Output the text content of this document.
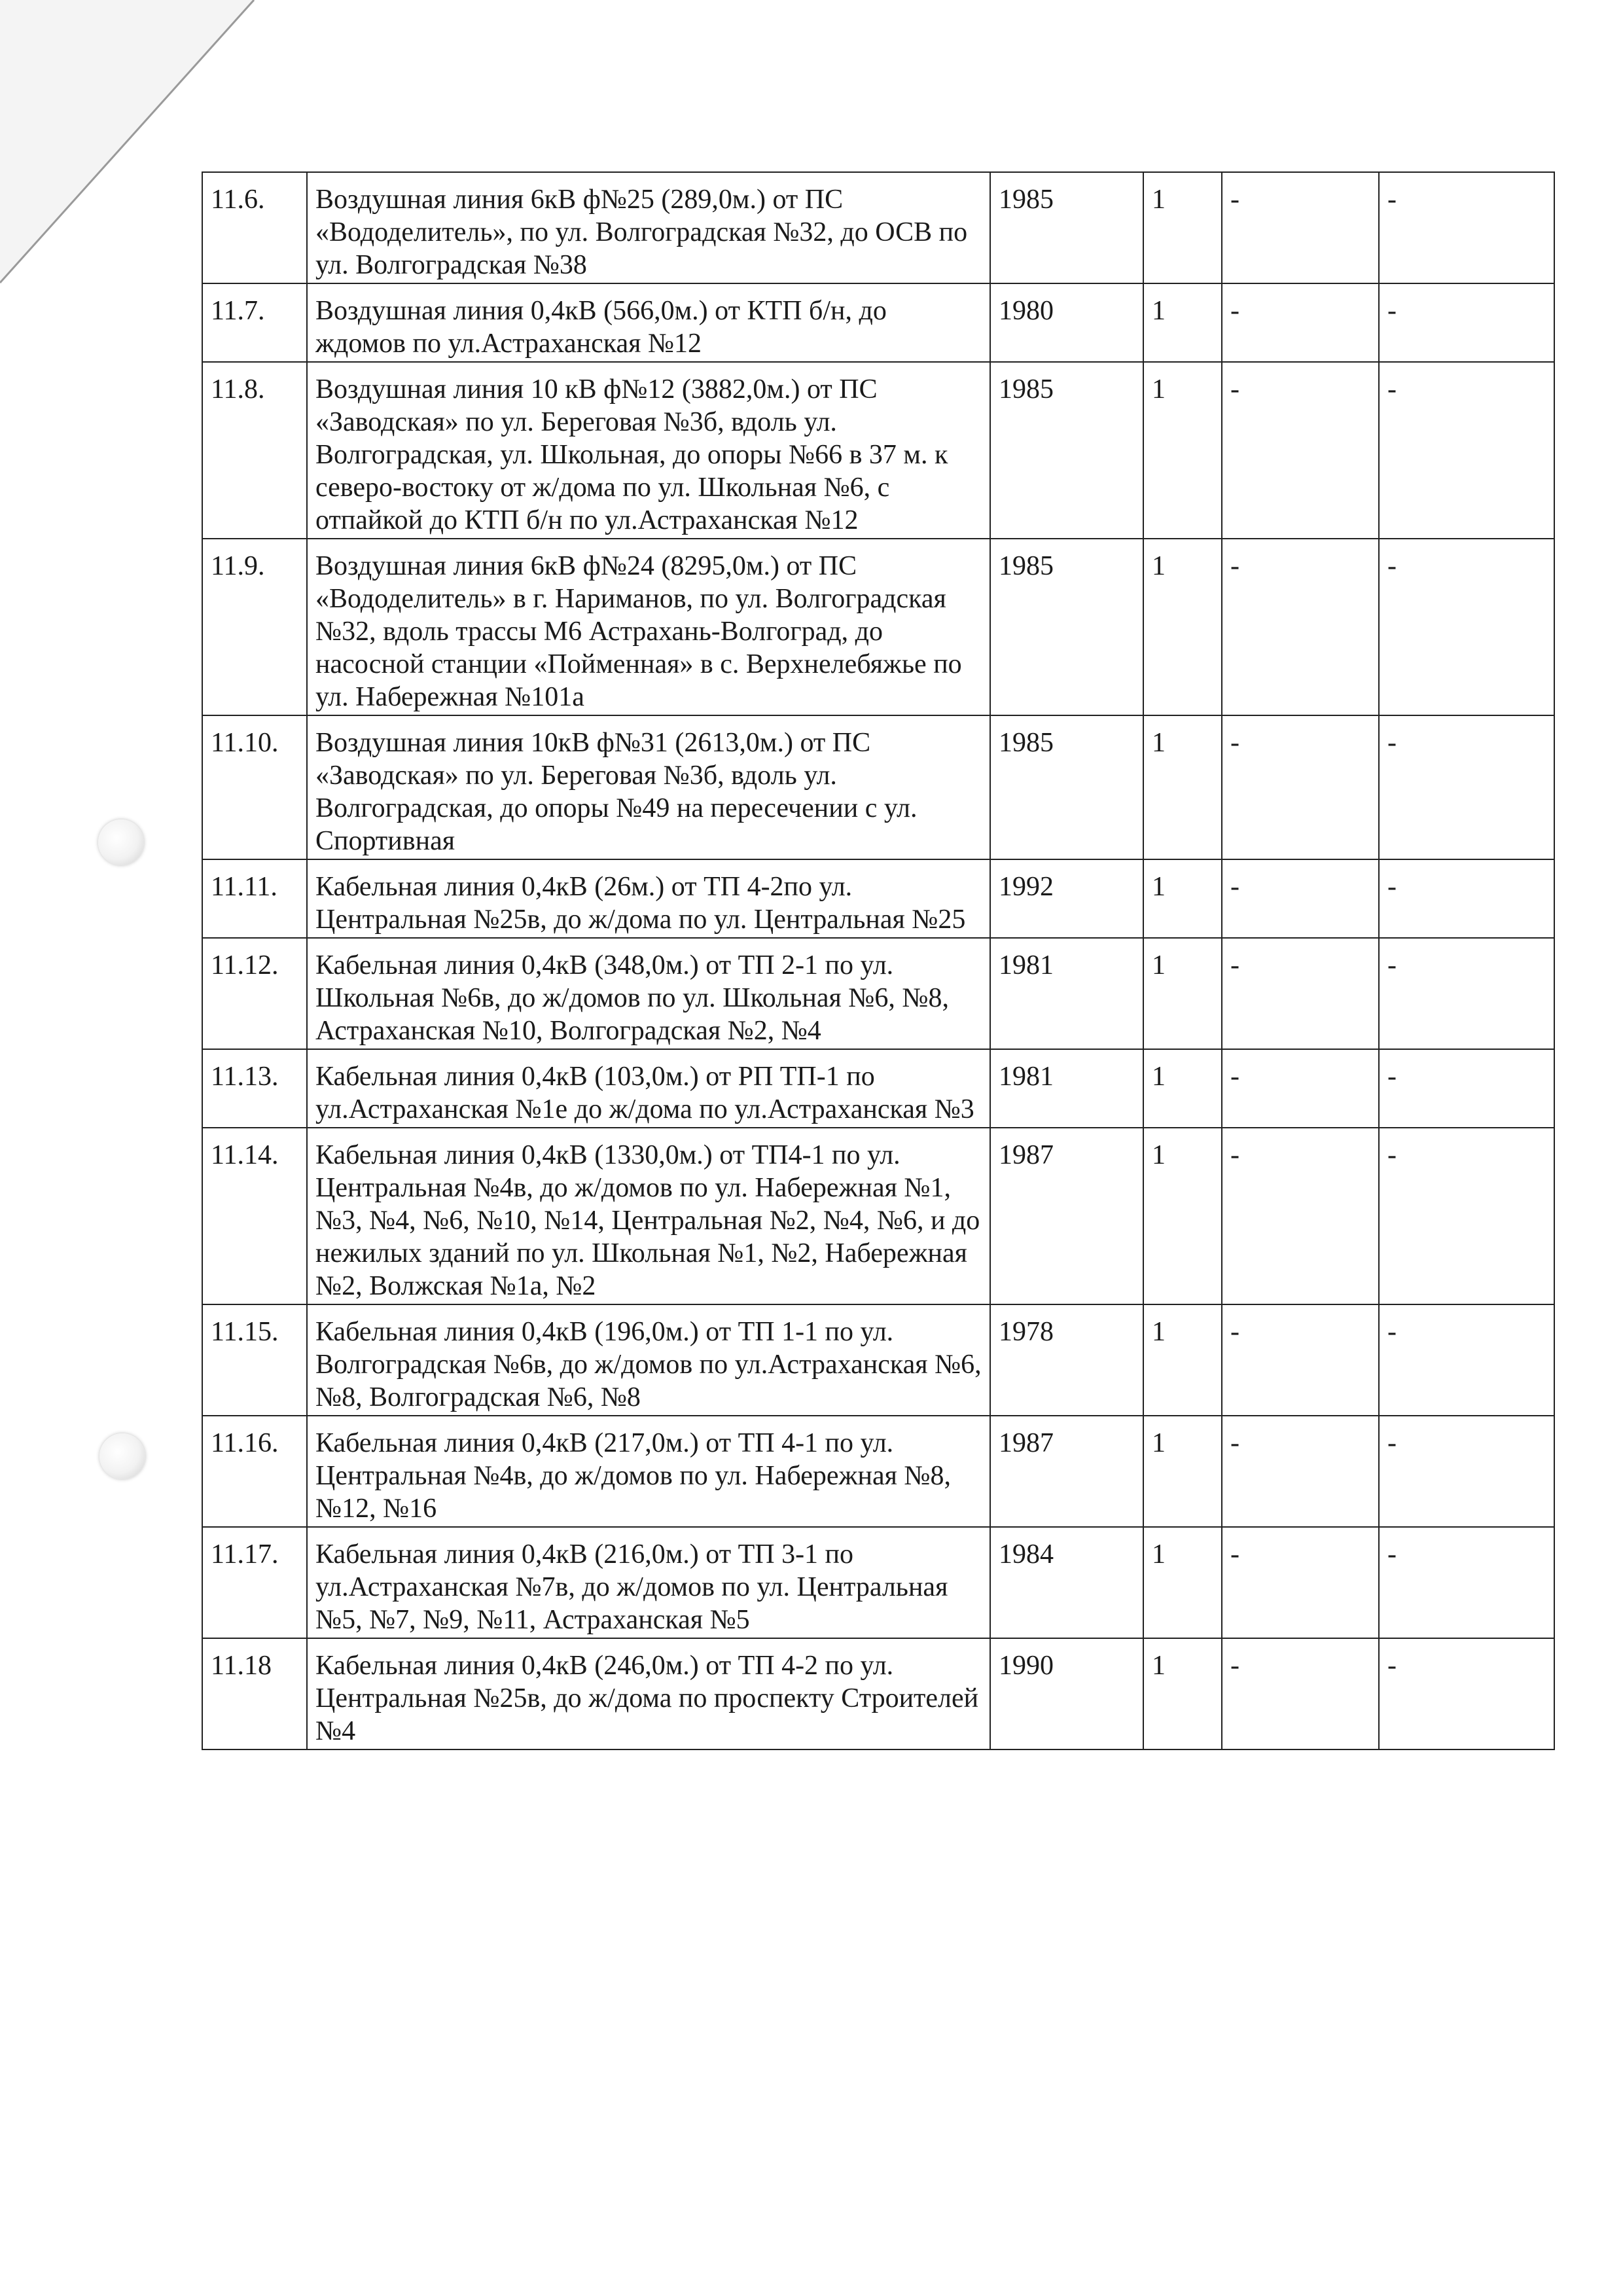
11.6.	Воздушная линия 6кВ ф№25 (289,0м.) от ПС «Вододелитель», по ул. Волгоградская №32, до ОСВ по ул. Волгоградская №38	1985	1	-	-
11.7.	Воздушная линия 0,4кВ (566,0м.) от КТП б/н, до ждомов по ул.Астраханская №12	1980	1	-	-
11.8.	Воздушная линия 10 кВ ф№12 (3882,0м.) от ПС «Заводская» по ул. Береговая №3б, вдоль ул. Волгоградская, ул. Школьная, до опоры №66 в 37 м. к северо-востоку от ж/дома по ул. Школьная №6, с отпайкой до КТП б/н по ул.Астраханская №12	1985	1	-	-
11.9.	Воздушная линия 6кВ ф№24 (8295,0м.) от ПС «Вододелитель» в г. Нариманов, по ул. Волгоградская №32, вдоль трассы М6 Астрахань-Волгоград, до насосной станции «Пойменная» в с. Верхнелебяжье по ул. Набережная №101а	1985	1	-	-
11.10.	Воздушная линия 10кВ ф№31 (2613,0м.) от ПС «Заводская» по ул. Береговая №3б, вдоль ул. Волгоградская, до опоры №49 на пересечении с ул. Спортивная	1985	1	-	-
11.11.	Кабельная линия 0,4кВ (26м.) от ТП 4-2по ул. Центральная №25в, до ж/дома по ул. Центральная №25	1992	1	-	-
11.12.	Кабельная линия 0,4кВ (348,0м.) от ТП 2-1 по ул. Школьная №6в, до ж/домов по ул. Школьная №6, №8, Астраханская №10, Волгоградская №2, №4	1981	1	-	-
11.13.	Кабельная линия 0,4кВ (103,0м.) от РП ТП-1 по ул.Астраханская №1е до ж/дома по ул.Астраханская №3	1981	1	-	-
11.14.	Кабельная линия 0,4кВ (1330,0м.) от ТП4-1 по ул. Центральная №4в, до ж/домов по ул. Набережная №1, №3, №4, №6, №10, №14, Центральная №2, №4, №6, и до нежилых зданий по ул. Школьная №1, №2, Набережная №2, Волжская №1а, №2	1987	1	-	-
11.15.	Кабельная линия 0,4кВ (196,0м.) от ТП 1-1 по ул. Волгоградская №6в, до ж/домов по ул.Астраханская №6, №8, Волгоградская №6, №8	1978	1	-	-
11.16.	Кабельная линия 0,4кВ (217,0м.) от ТП 4-1 по ул. Центральная №4в, до ж/домов по ул. Набережная №8, №12, №16	1987	1	-	-
11.17.	Кабельная линия 0,4кВ (216,0м.) от ТП 3-1 по ул.Астраханская №7в, до ж/домов по ул. Центральная №5, №7, №9, №11, Астраханская №5	1984	1	-	-
11.18	Кабельная линия 0,4кВ (246,0м.) от ТП 4-2 по ул. Центральная №25в, до ж/дома по проспекту Строителей №4	1990	1	-	-
